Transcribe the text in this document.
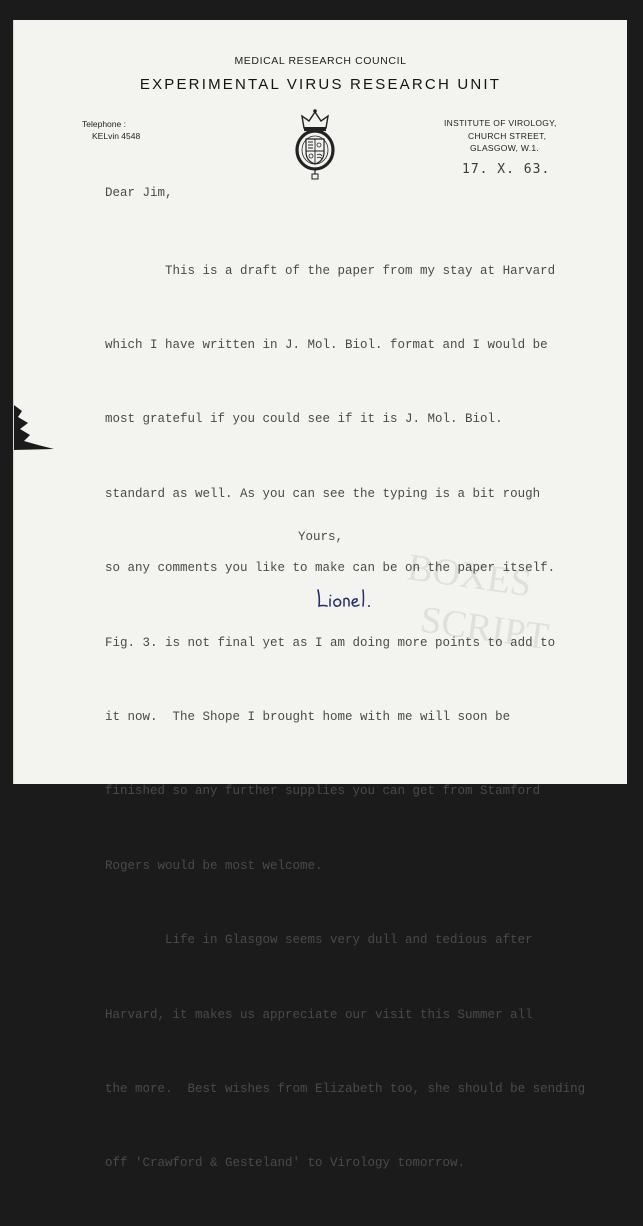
MEDICAL RESEARCH COUNCIL
EXPERIMENTAL VIRUS RESEARCH UNIT
Telephone :
KELvin 4548
INSTITUTE OF VIROLOGY,
CHURCH STREET,
GLASGOW, W.1.
17. X. 63.
Dear Jim,

This is a draft of the paper from my stay at Harvard

which I have written in J. Mol. Biol. format and I would be

most grateful if you could see if it is J. Mol. Biol.

standard as well. As you can see the typing is a bit rough

so any comments you like to make can be on the paper itself.

Fig. 3. is not final yet as I am doing more points to add to

it now.  The Shope I brought home with me will soon be

finished so any further supplies you can get from Stamford

Rogers would be most welcome.

Life in Glasgow seems very dull and tedious after

Harvard, it makes us appreciate our visit this Summer all

the more.  Best wishes from Elizabeth too, she should be sending

off 'Crawford & Gesteland' to Virology tomorrow.

Yours,
BOXES
SCRIPT
